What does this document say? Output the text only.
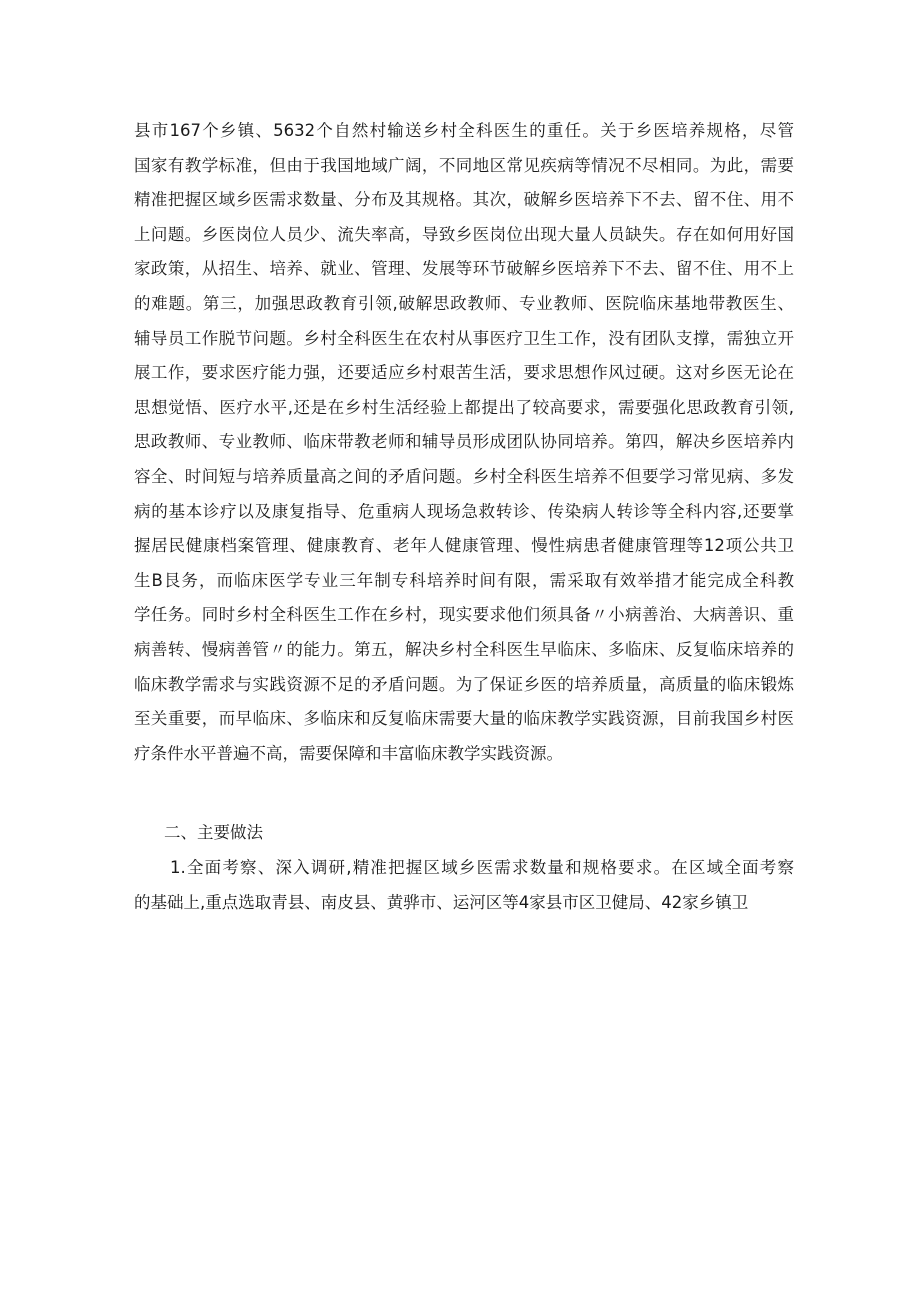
县市167个乡镇、5632个自然村输送乡村全科医生的重任。关于乡医培养规格，尽管
国家有教学标准，但由于我国地域广阔，不同地区常见疾病等情况不尽相同。为此，需要
精准把握区域乡医需求数量、分布及其规格。其次，破解乡医培养下不去、留不住、用不
上问题。乡医岗位人员少、流失率高，导致乡医岗位出现大量人员缺失。存在如何用好国
家政策，从招生、培养、就业、管理、发展等环节破解乡医培养下不去、留不住、用不上
的难题。第三，加强思政教育引领,破解思政教师、专业教师、医院临床基地带教医生、
辅导员工作脱节问题。乡村全科医生在农村从事医疗卫生工作，没有团队支撑，需独立开
展工作，要求医疗能力强，还要适应乡村艰苦生活，要求思想作风过硬。这对乡医无论在
思想觉悟、医疗水平,还是在乡村生活经验上都提出了较高要求，需要强化思政教育引领,
思政教师、专业教师、临床带教老师和辅导员形成团队协同培养。第四，解决乡医培养内
容全、时间短与培养质量高之间的矛盾问题。乡村全科医生培养不但要学习常见病、多发
病的基本诊疗以及康复指导、危重病人现场急救转诊、传染病人转诊等全科内容,还要掌
握居民健康档案管理、健康教育、老年人健康管理、慢性病患者健康管理等12项公共卫
生B艮务，而临床医学专业三年制专科培养时间有限，需采取有效举措才能完成全科教
学任务。同时乡村全科医生工作在乡村，现实要求他们须具备〃小病善治、大病善识、重
病善转、慢病善管〃的能力。第五，解决乡村全科医生早临床、多临床、反复临床培养的
临床教学需求与实践资源不足的矛盾问题。为了保证乡医的培养质量，高质量的临床锻炼
至关重要，而早临床、多临床和反复临床需要大量的临床教学实践资源，目前我国乡村医
疗条件水平普遍不高，需要保障和丰富临床教学实践资源。
二、主要做法
1.全面考察、深入调研,精准把握区域乡医需求数量和规格要求。在区域全面考察
的基础上,重点选取青县、南皮县、黄骅市、运河区等4家县市区卫健局、42家乡镇卫
